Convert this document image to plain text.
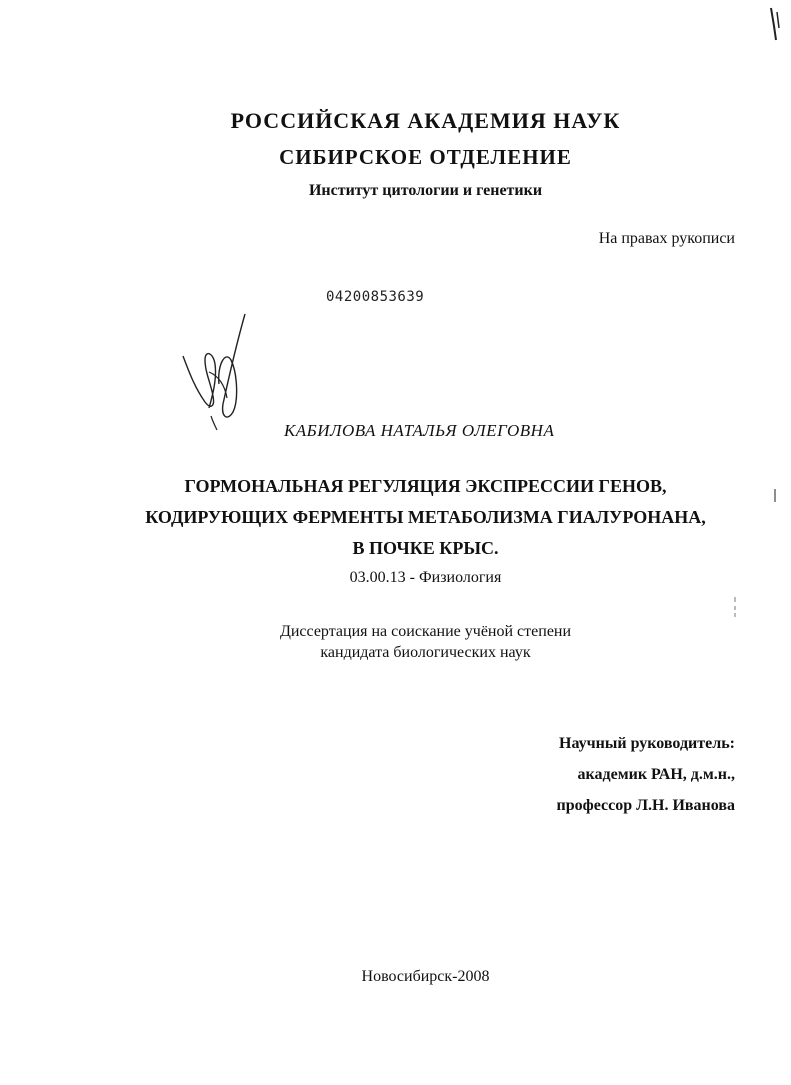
РОССИЙСКАЯ АКАДЕМИЯ НАУК
СИБИРСКОЕ ОТДЕЛЕНИЕ
Институт цитологии и генетики
На правах рукописи
04200853639
КАБИЛОВА НАТАЛЬЯ ОЛЕГОВНА
ГОРМОНАЛЬНАЯ РЕГУЛЯЦИЯ ЭКСПРЕССИИ ГЕНОВ,
КОДИРУЮЩИХ ФЕРМЕНТЫ МЕТАБОЛИЗМА ГИАЛУРОНАНА,
В ПОЧКЕ КРЫС.
03.00.13 - Физиология
Диссертация на соискание учёной степени
кандидата биологических наук
Научный руководитель:
академик РАН, д.м.н.,
профессор Л.Н. Иванова
Новосибирск-2008
